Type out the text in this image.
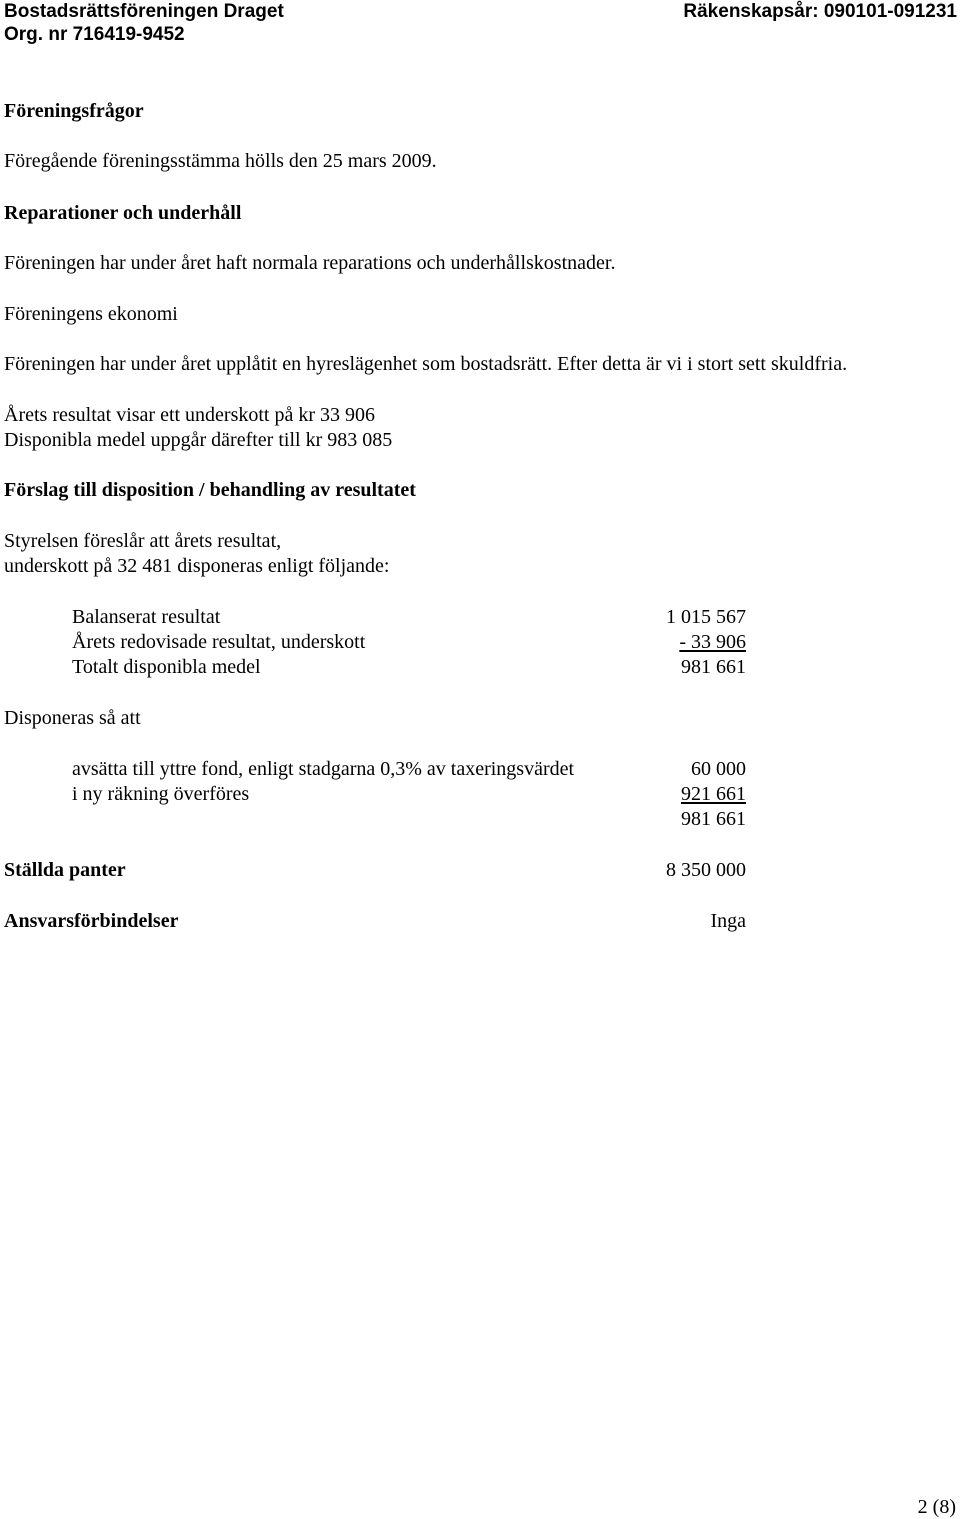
Bostadsrättsföreningen Draget
Org. nr 716419-9452
Räkenskapsår: 090101-091231
Föreningsfrågor
Föregående föreningsstämma hölls den 25 mars 2009.
Reparationer och underhåll
Föreningen har under året haft normala reparations och underhållskostnader.
Föreningens ekonomi
Föreningen har under året upplåtit en hyreslägenhet som bostadsrätt. Efter detta är vi i stort sett skuldfria.
Årets resultat visar ett underskott på kr 33 906
Disponibla medel uppgår därefter till kr 983 085
Förslag till disposition / behandling av resultatet
Styrelsen föreslår att årets resultat,
underskott på 32 481 disponeras enligt följande:
Balanserat resultat	1 015 567
Årets redovisade resultat, underskott	- 33 906
Totalt disponibla medel	981 661
Disponeras så att
avsätta till yttre fond, enligt stadgarna 0,3% av taxeringsvärdet	60 000
i ny räkning överföres	921 661
981 661
Ställda panter	8 350 000
Ansvarsförbindelser	Inga
2 (8)
